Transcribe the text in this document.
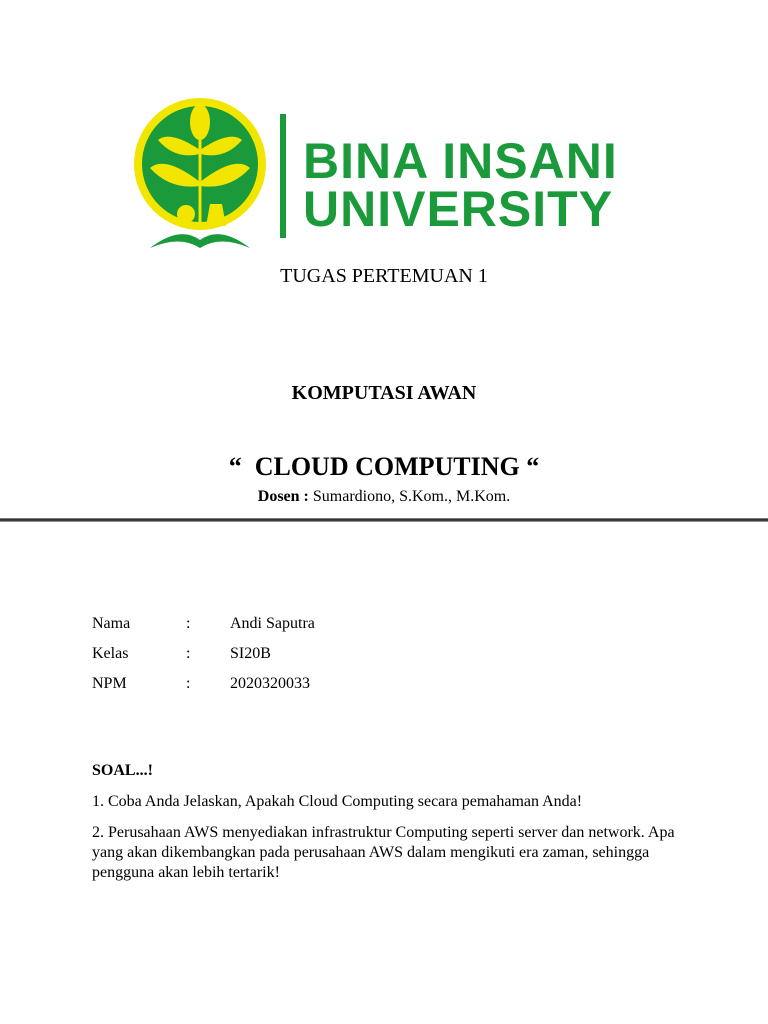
BINA INSANI
UNIVERSITY
TUGAS PERTEMUAN 1
KOMPUTASI AWAN
“  CLOUD COMPUTING “
Dosen : Sumardiono, S.Kom., M.Kom.
Nama	: Andi Saputra
Kelas	: SI20B
NPM	: 2020320033
SOAL...!
1. Coba Anda Jelaskan, Apakah Cloud Computing secara pemahaman Anda!
2. Perusahaan AWS menyediakan infrastruktur Computing seperti server dan network. Apa yang akan dikembangkan pada perusahaan AWS dalam mengikuti era zaman, sehingga pengguna akan lebih tertarik!
